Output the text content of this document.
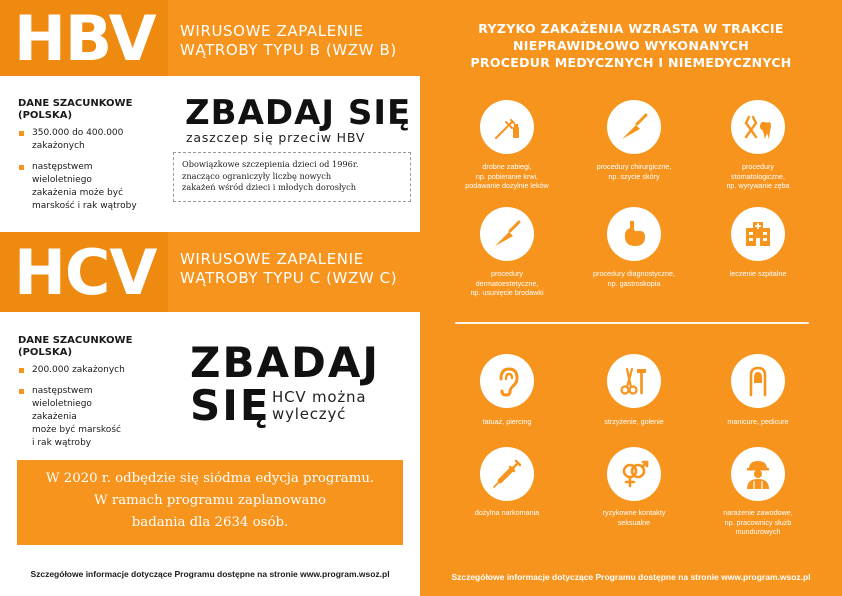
HBV WIRUSOWE ZAPALENIE
WĄTROBY TYPU B (WZW B)
DANE SZACUNKOWE
(POLSKA)
350.000 do 400.000
zakażonych
następstwem
wieloletniego
zakażenia może być
marskość i rak wątroby
ZBADAJ SIĘ
zaszczep się przeciw HBV
Obowiązkowe szczepienia dzieci od 1996r.
znacząco ograniczyły liczbę nowych
zakażeń wśród dzieci i młodych dorosłych
HCV WIRUSOWE ZAPALENIE
WĄTROBY TYPU C (WZW C)
DANE SZACUNKOWE
(POLSKA)
200.000 zakażonych
następstwem
wieloletniego
zakażenia
może być marskość
i rak wątroby
ZBADAJ
SIĘ HCV można
wyleczyć
W 2020 r. odbędzie się siódma edycja programu.
W ramach programu zaplanowano
badania dla 2634 osób.
Szczegółowe informacje dotyczące Programu dostępne na stronie www.program.wsoz.pl
RYZYKO ZAKAŻENIA WZRASTA W TRAKCIE
NIEPRAWIDŁOWO WYKONANYCH
PROCEDUR MEDYCZNYCH I NIEMEDYCZNYCH
drobne zabiegi,
np. pobieranie krwi,
podawanie dożylnie leków
procedury chirurgiczne,
np. szycie skóry
procedury
stomatologiczne,
np. wyrywanie zęba
procedury
dermatoestetyczne,
np. usunięcie brodawki
procedury diagnostyczne,
np. gastroskopia
leczenie szpitalne
tatuaż, piercing	strzyżenie, golenie	manicure, pedicure
dożylna narkomania	ryzykowne kontakty
seksualne
narażenie zawodowe,
np. pracownicy służb
mundurowych
Szczegółowe informacje dotyczące Programu dostępne na stronie www.program.wsoz.pl
